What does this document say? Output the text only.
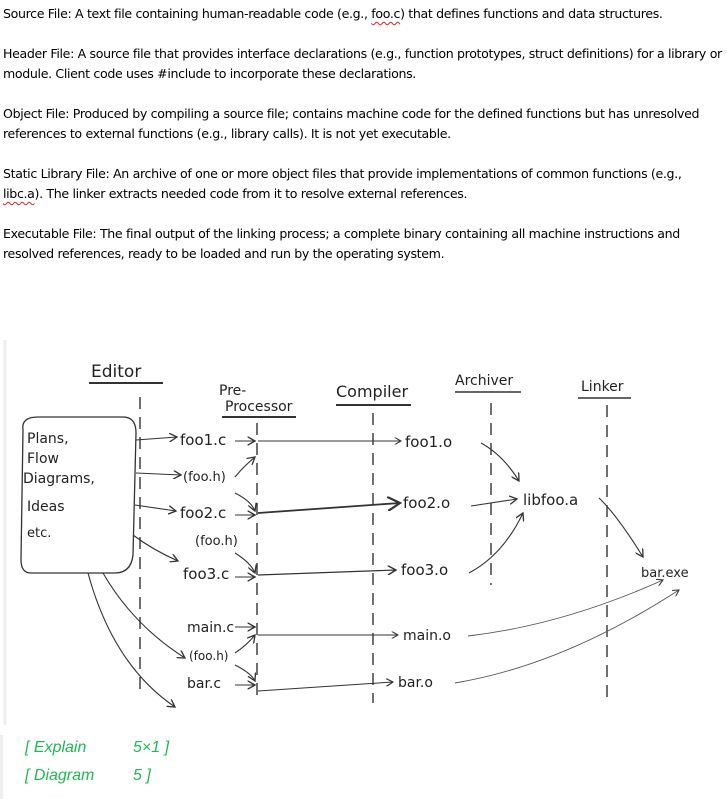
Source File: A text file containing human-readable code (e.g., foo.c) that defines functions and data structures.

Header File: A source file that provides interface declarations (e.g., function prototypes, struct definitions) for a library or module. Client code uses #include to incorporate these declarations.

Object File: Produced by compiling a source file; contains machine code for the defined functions but has unresolved references to external functions (e.g., library calls). It is not yet executable.

Static Library File: An archive of one or more object files that provide implementations of common functions (e.g., libc.a). The linker extracts needed code from it to resolve external references.

Executable File: The final output of the linking process; a complete binary containing all machine instructions and resolved references, ready to be loaded and run by the operating system.

Editor
Pre-
Processor
Compiler
Archiver	Linker
Plans,
Flow
Diagrams,
Ideas
etc.
foo1.c
(foo.h)
foo2.c
(foo.h)
foo3.c
main.c
(foo.h)
bar.c
foo1.o
foo2.o
foo3.o
main.o
bar.o
libfoo.a
bar.exe
[ Explain	5×1 ]
[ Diagram 5 ]
